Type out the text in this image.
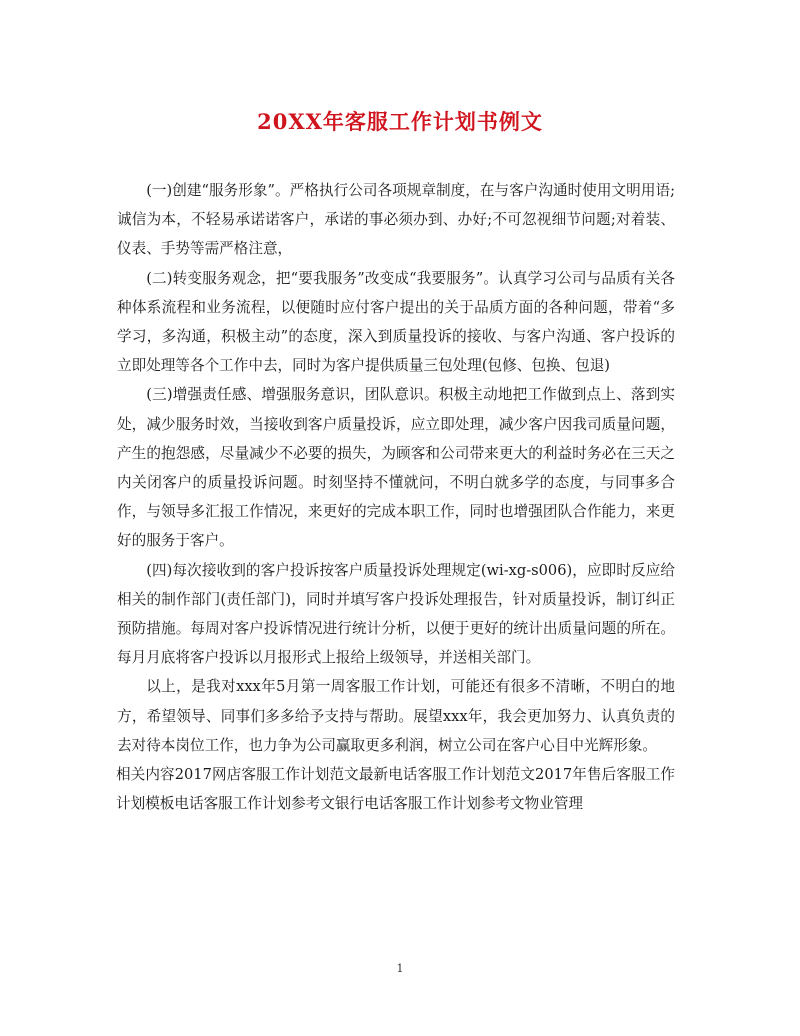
20XX年客服工作计划书例文

(一)创建“服务形象”。严格执行公司各项规章制度，在与客户沟通时使用文明用语;诚信为本，不轻易承诺诺客户，承诺的事必须办到、办好;不可忽视细节问题;对着装、仪表、手势等需严格注意，

(二)转变服务观念，把“要我服务”改变成“我要服务”。认真学习公司与品质有关各种体系流程和业务流程，以便随时应付客户提出的关于品质方面的各种问题，带着“多学习，多沟通，积极主动”的态度，深入到质量投诉的接收、与客户沟通、客户投诉的立即处理等各个工作中去，同时为客户提供质量三包处理(包修、包换、包退)

(三)增强责任感、增强服务意识，团队意识。积极主动地把工作做到点上、落到实处，减少服务时效，当接收到客户质量投诉，应立即处理，减少客户因我司质量问题，产生的抱怨感，尽量减少不必要的损失，为顾客和公司带来更大的利益时务必在三天之内关闭客户的质量投诉问题。时刻坚持不懂就问，不明白就多学的态度，与同事多合作，与领导多汇报工作情况，来更好的完成本职工作，同时也增强团队合作能力，来更好的服务于客户。

(四)每次接收到的客户投诉按客户质量投诉处理规定(wi-xg-s006)，应即时反应给相关的制作部门(责任部门)，同时并填写客户投诉处理报告，针对质量投诉，制订纠正预防措施。每周对客户投诉情况进行统计分析，以便于更好的统计出质量问题的所在。每月月底将客户投诉以月报形式上报给上级领导，并送相关部门。

以上，是我对xxx年5月第一周客服工作计划，可能还有很多不清晰，不明白的地方，希望领导、同事们多多给予支持与帮助。展望xxx年，我会更加努力、认真负责的去对待本岗位工作，也力争为公司赢取更多利润，树立公司在客户心目中光辉形象。

相关内容2017网店客服工作计划范文最新电话客服工作计划范文2017年售后客服工作计划模板电话客服工作计划参考文银行电话客服工作计划参考文物业管理

1
